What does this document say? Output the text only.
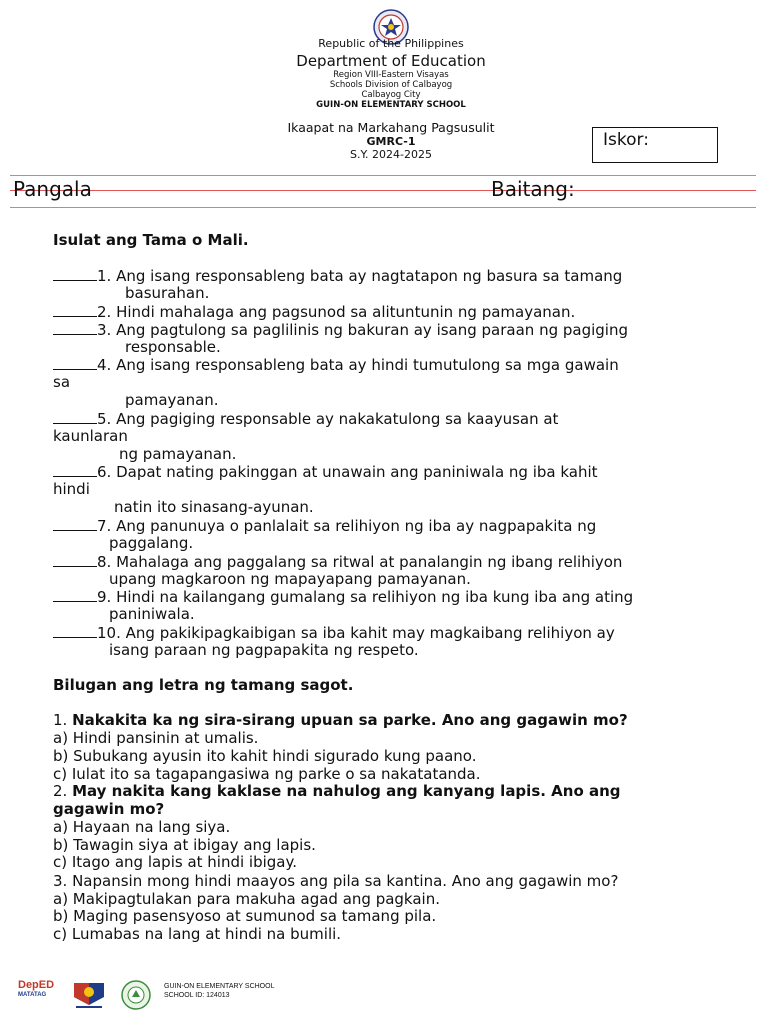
Republic of the Philippines
Department of Education
Region VIII-Eastern Visayas
Schools Division of Calbayog
Calbayog City
GUIN-ON ELEMENTARY SCHOOL
Ikaapat na Markahang Pagsusulit
GMRC-1
S.Y. 2024-2025
Iskor:
Pangala	Baitang:
Isulat ang Tama o Mali.
1. Ang isang responsableng bata ay nagtatapon ng basura sa tamang
basurahan.
2. Hindi mahalaga ang pagsunod sa alituntunin ng pamayanan.
3. Ang pagtulong sa paglilinis ng bakuran ay isang paraan ng pagiging
responsable.
4. Ang isang responsableng bata ay hindi tumutulong sa mga gawain
sa
pamayanan.
5. Ang pagiging responsable ay nakakatulong sa kaayusan at
kaunlaran
ng pamayanan.
6. Dapat nating pakinggan at unawain ang paniniwala ng iba kahit
hindi
natin ito sinasang-ayunan.
7. Ang panunuya o panlalait sa relihiyon ng iba ay nagpapakita ng
paggalang.
8. Mahalaga ang paggalang sa ritwal at panalangin ng ibang relihiyon
upang magkaroon ng mapayapang pamayanan.
9. Hindi na kailangang gumalang sa relihiyon ng iba kung iba ang ating
paniniwala.
10. Ang pakikipagkaibigan sa iba kahit may magkaibang relihiyon ay
isang paraan ng pagpapakita ng respeto.
Bilugan ang letra ng tamang sagot.
1. Nakakita ka ng sira-sirang upuan sa parke. Ano ang gagawin mo?
a) Hindi pansinin at umalis.
b) Subukang ayusin ito kahit hindi sigurado kung paano.
c) Iulat ito sa tagapangasiwa ng parke o sa nakatatanda.
2. May nakita kang kaklase na nahulog ang kanyang lapis. Ano ang
gagawin mo?
a) Hayaan na lang siya.
b) Tawagin siya at ibigay ang lapis.
c) Itago ang lapis at hindi ibigay.
3. Napansin mong hindi maayos ang pila sa kantina. Ano ang gagawin mo?
a) Makipagtulakan para makuha agad ang pagkain.
b) Maging pasensyoso at sumunod sa tamang pila.
c) Lumabas na lang at hindi na bumili.
DepED
MATATAG
GUIN-ON ELEMENTARY SCHOOL
SCHOOL ID: 124013
